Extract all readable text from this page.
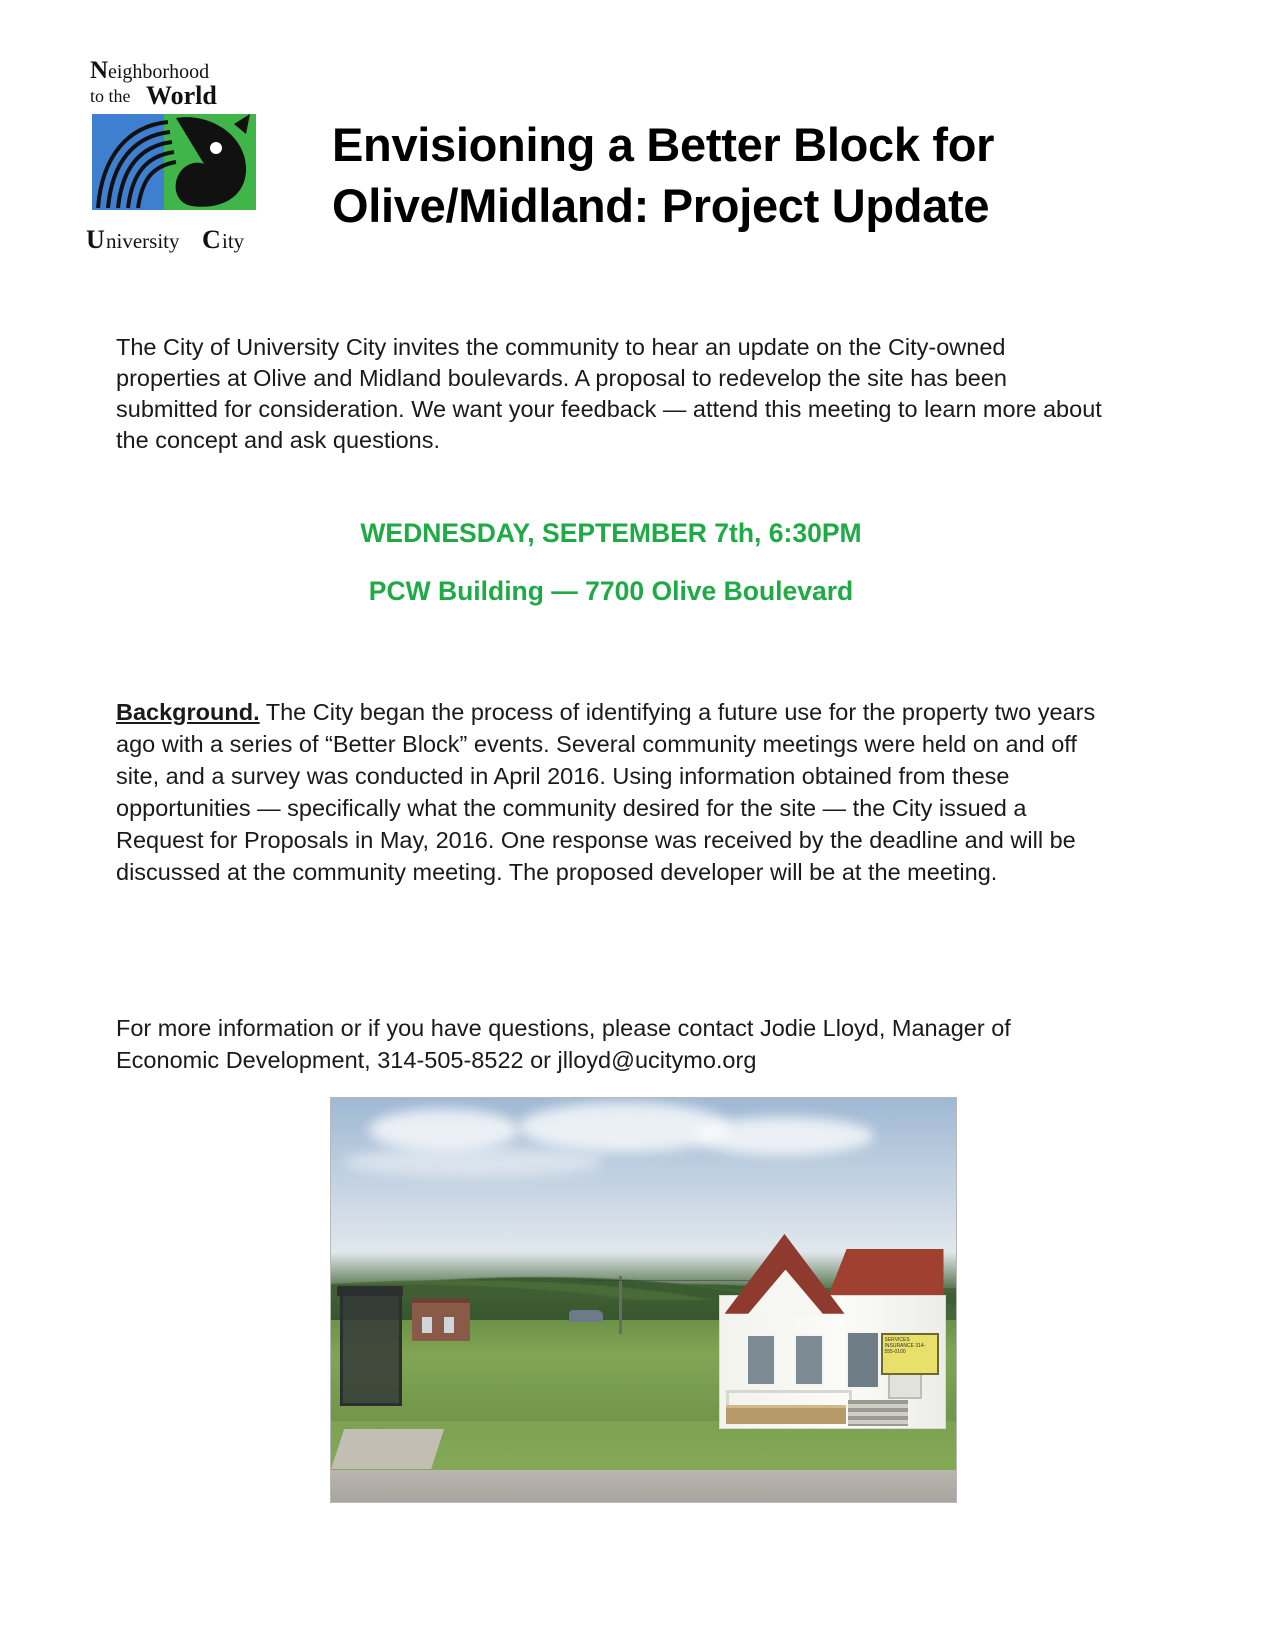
N eighborhood
to the World
U niversity C ity
Envisioning a Better Block for Olive/Midland: Project Update

The City of University City invites the community to hear an update on the City-owned properties at Olive and Midland boulevards. A proposal to redevelop the site has been submitted for consideration. We want your feedback — attend this meeting to learn more about the concept and ask questions.

WEDNESDAY, SEPTEMBER 7th, 6:30PM
PCW Building — 7700 Olive Boulevard

Background. The City began the process of identifying a future use for the property two years ago with a series of “Better Block” events. Several community meetings were held on and off site, and a survey was conducted in April 2016. Using information obtained from these opportunities — specifically what the community desired for the site — the City issued a Request for Proposals in May, 2016. One response was received by the deadline and will be discussed at the community meeting. The proposed developer will be at the meeting.

For more information or if you have questions, please contact Jodie Lloyd, Manager of Economic Development, 314-505-8522 or jlloyd@ucitymo.org

SERVICES INSURANCE 314-555-0100
